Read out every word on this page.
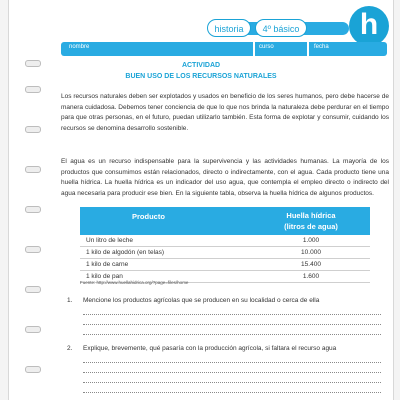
historia	4º básico	h
nombre	curso	fecha
ACTIVIDAD
BUEN USO DE LOS RECURSOS NATURALES
Los recursos naturales deben ser explotados y usados en beneficio de los seres humanos, pero debe hacerse de manera cuidadosa. Debemos tener conciencia de que lo que nos brinda la naturaleza debe perdurar en el tiempo para que otras personas, en el futuro, puedan utilizarlo también. Esta forma de explotar y consumir, cuidando los recursos se denomina desarrollo sostenible.
El agua es un recurso indispensable para la supervivencia y las actividades humanas. La mayoría de los productos que consumimos están relacionados, directo o indirectamente, con el agua. Cada producto tiene una huella hídrica. La huella hídrica es un indicador del uso agua, que contempla el empleo directo o indirecto del agua necesaria para producir ese bien. En la siguiente tabla, observa la huella hídrica de algunos productos.
Producto	Huella hídrica
(litros de agua)
Un litro de leche	1.000
1 kilo de algodón (en telas)	10.000
1 kilo de carne	15.400
1 kilo de pan	1.600
Fuente: http://www.huellahidrica.org/?page=files/home
1. Mencione los productos agrícolas que se producen en su localidad o cerca de ella
2. Explique, brevemente, qué pasaría con la producción agrícola, si faltara el recurso agua
